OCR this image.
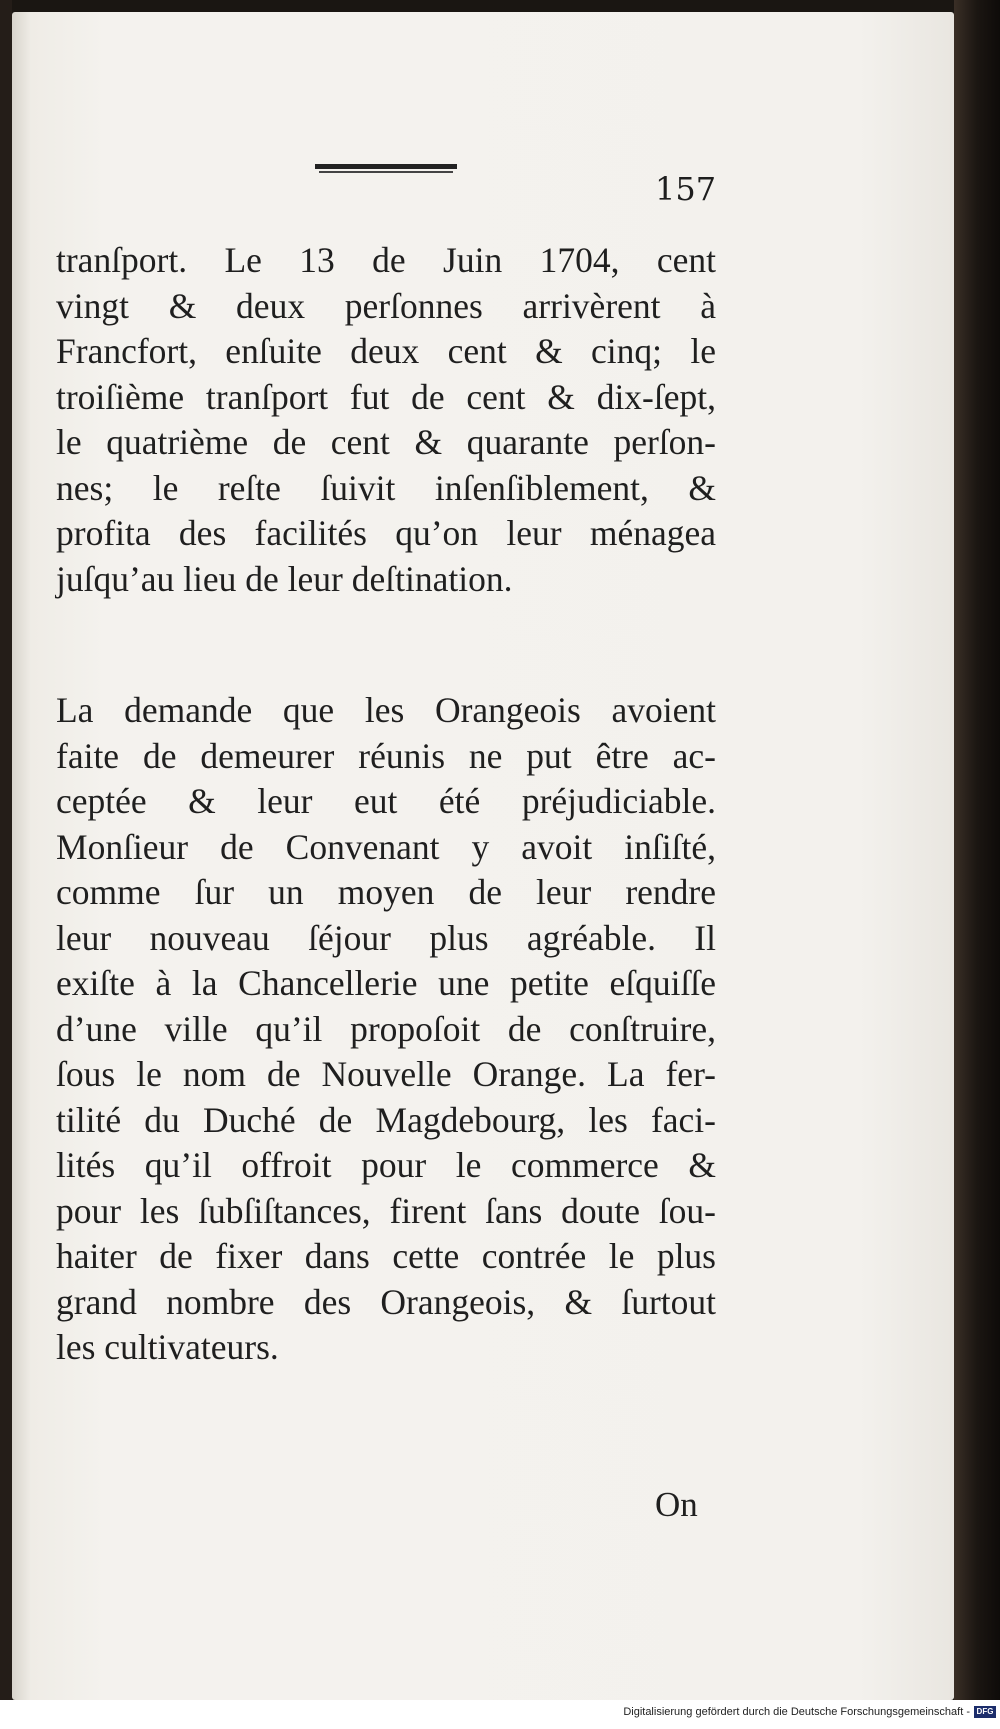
157
tranſport. Le 13 de Juin 1704, cent
vingt & deux perſonnes arrivèrent à
Francfort, enſuite deux cent & cinq; le
troiſième tranſport fut de cent & dix-ſept,
le quatrième de cent & quarante perſon-
nes; le reſte ſuivit inſenſiblement, &
profita des facilités qu’on leur ménagea
juſqu’au lieu de leur deſtination.
La demande que les Orangeois avoient
faite de demeurer réunis ne put être ac-
ceptée & leur eut été préjudiciable.
Monſieur de Convenant y avoit inſiſté,
comme ſur un moyen de leur rendre
leur nouveau ſéjour plus agréable. Il
exiſte à la Chancellerie une petite eſquiſſe
d’une ville qu’il propoſoit de conſtruire,
ſous le nom de Nouvelle Orange. La fer-
tilité du Duché de Magdebourg, les faci-
lités qu’il offroit pour le commerce &
pour les ſubſiſtances, firent ſans doute ſou-
haiter de fixer dans cette contrée le plus
grand nombre des Orangeois, & ſurtout
les cultivateurs.
On
Digitalisierung gefördert durch die Deutsche Forschungsgemeinschaft - DFG
